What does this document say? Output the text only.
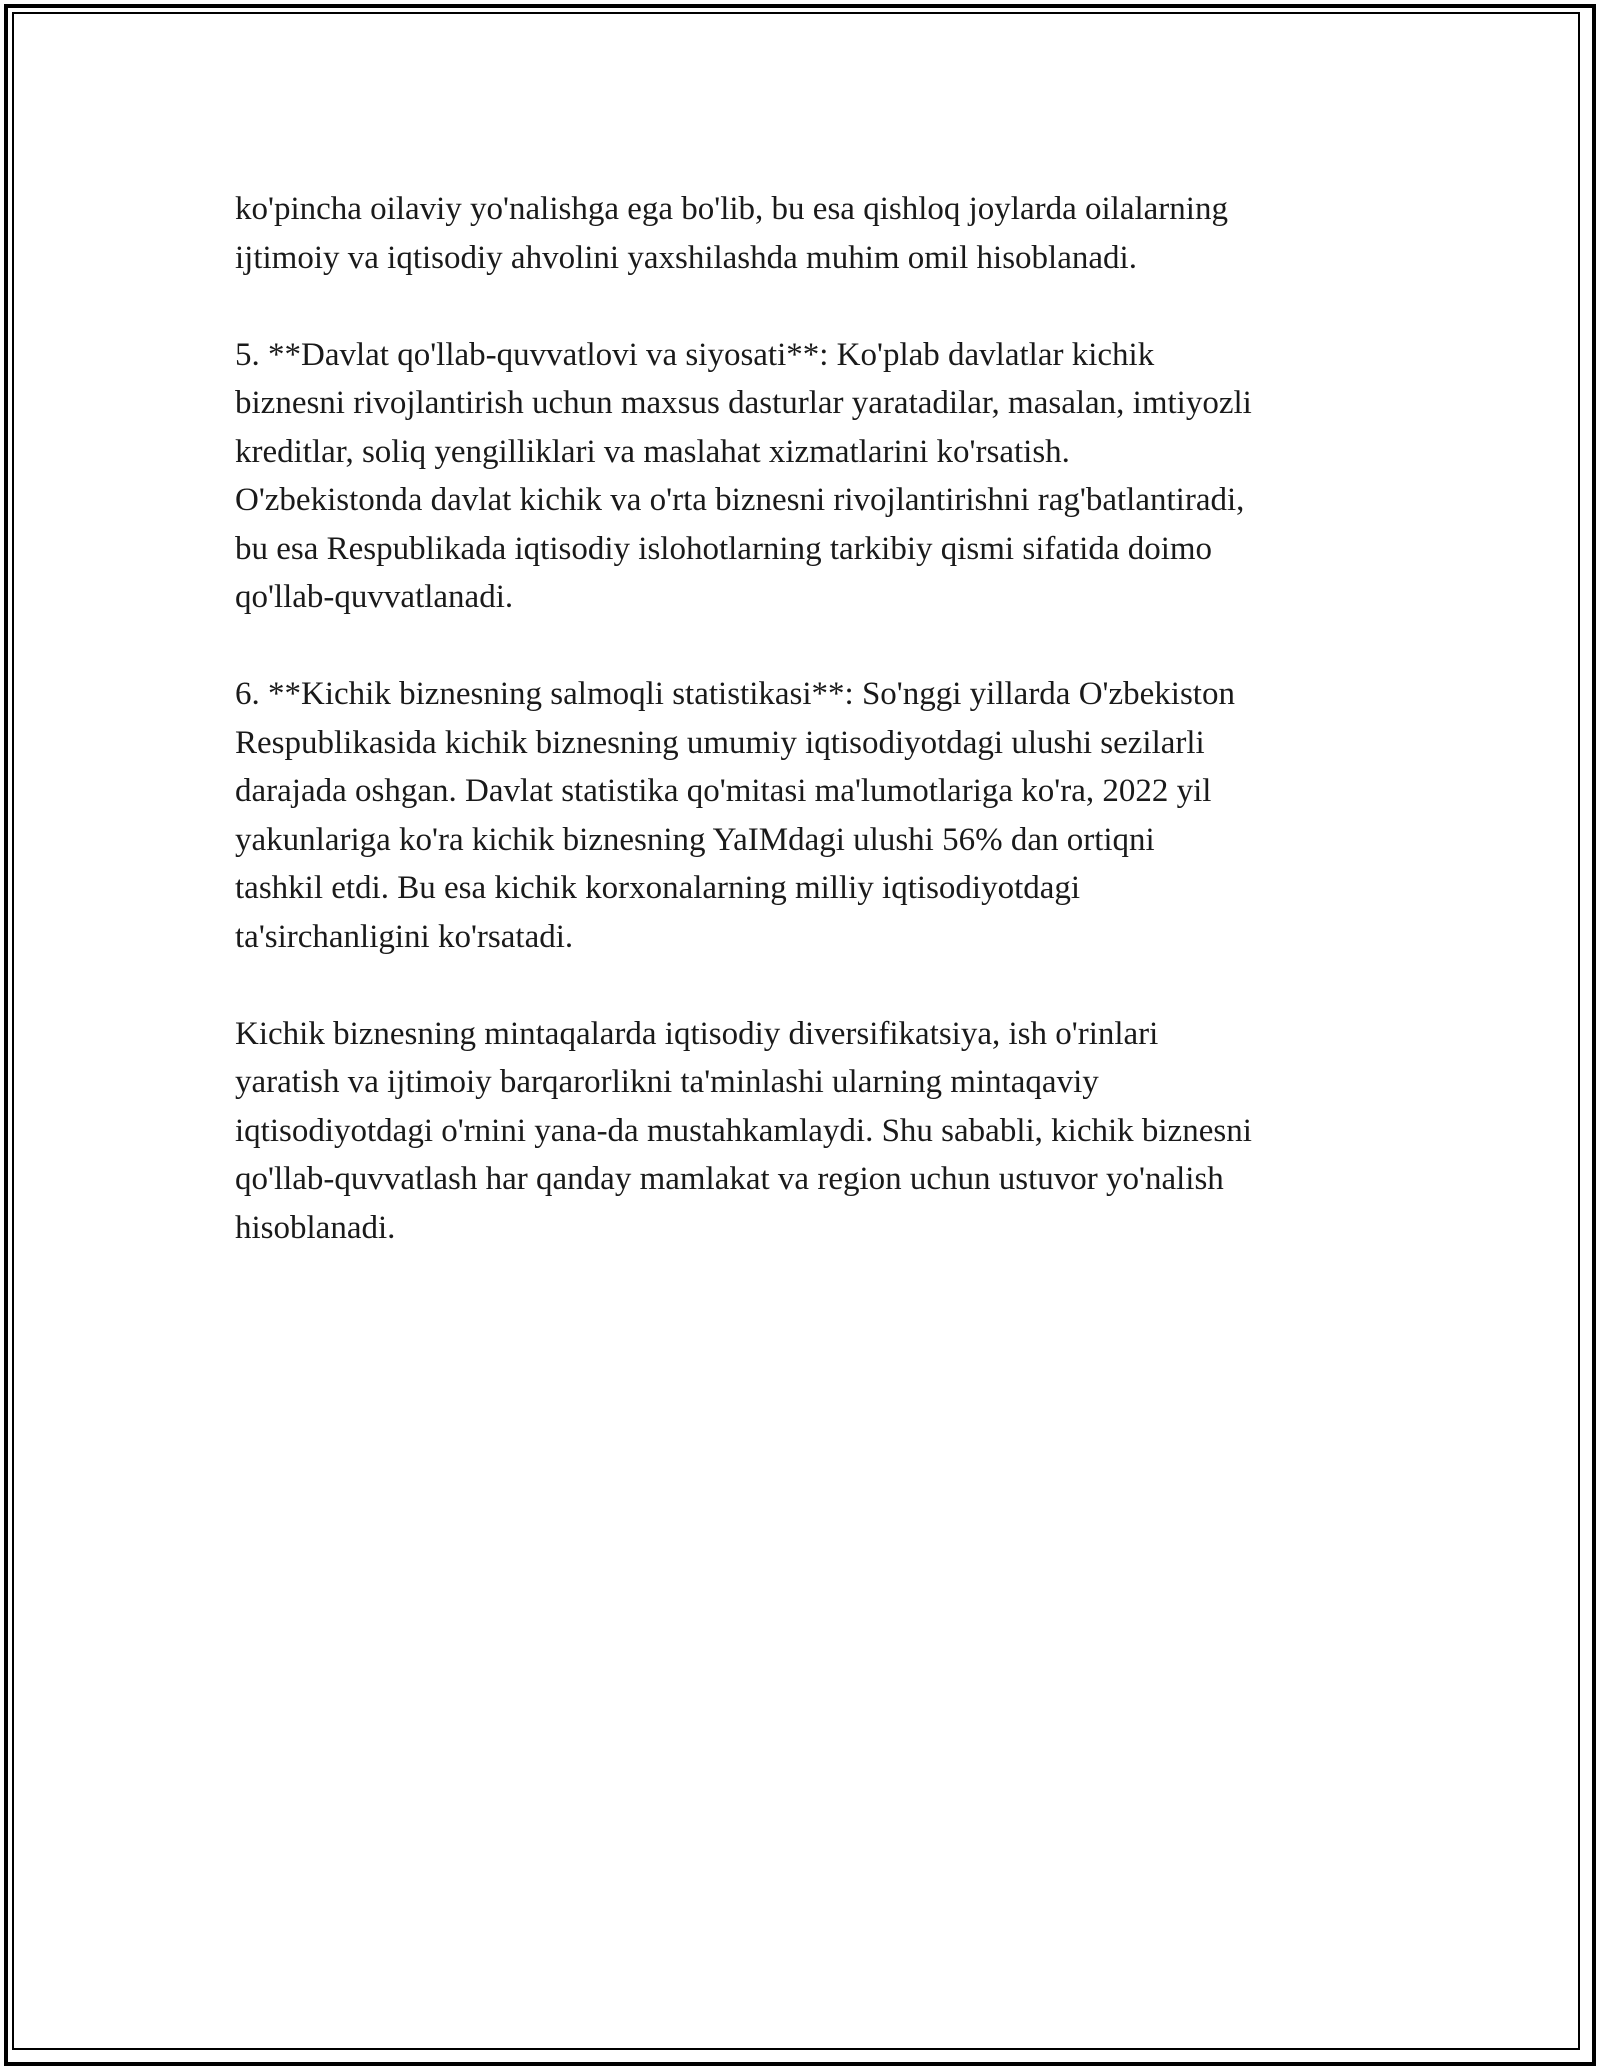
ko'pincha oilaviy yo'nalishga ega bo'lib, bu esa qishloq joylarda oilalarning
ijtimoiy va iqtisodiy ahvolini yaxshilashda muhim omil hisoblanadi.

5. **Davlat qo'llab-quvvatlovi va siyosati**: Ko'plab davlatlar kichik
biznesni rivojlantirish uchun maxsus dasturlar yaratadilar, masalan, imtiyozli
kreditlar, soliq yengilliklari va maslahat xizmatlarini ko'rsatish.
O'zbekistonda davlat kichik va o'rta biznesni rivojlantirishni rag'batlantiradi,
bu esa Respublikada iqtisodiy islohotlarning tarkibiy qismi sifatida doimo
qo'llab-quvvatlanadi.

6. **Kichik biznesning salmoqli statistikasi**: So'nggi yillarda O'zbekiston
Respublikasida kichik biznesning umumiy iqtisodiyotdagi ulushi sezilarli
darajada oshgan. Davlat statistika qo'mitasi ma'lumotlariga ko'ra, 2022 yil
yakunlariga ko'ra kichik biznesning YaIMdagi ulushi 56% dan ortiqni
tashkil etdi. Bu esa kichik korxonalarning milliy iqtisodiyotdagi
ta'sirchanligini ko'rsatadi.

Kichik biznesning mintaqalarda iqtisodiy diversifikatsiya, ish o'rinlari
yaratish va ijtimoiy barqarorlikni ta'minlashi ularning mintaqaviy
iqtisodiyotdagi o'rnini yana-da mustahkamlaydi. Shu sababli, kichik biznesni
qo'llab-quvvatlash har qanday mamlakat va region uchun ustuvor yo'nalish
hisoblanadi.
